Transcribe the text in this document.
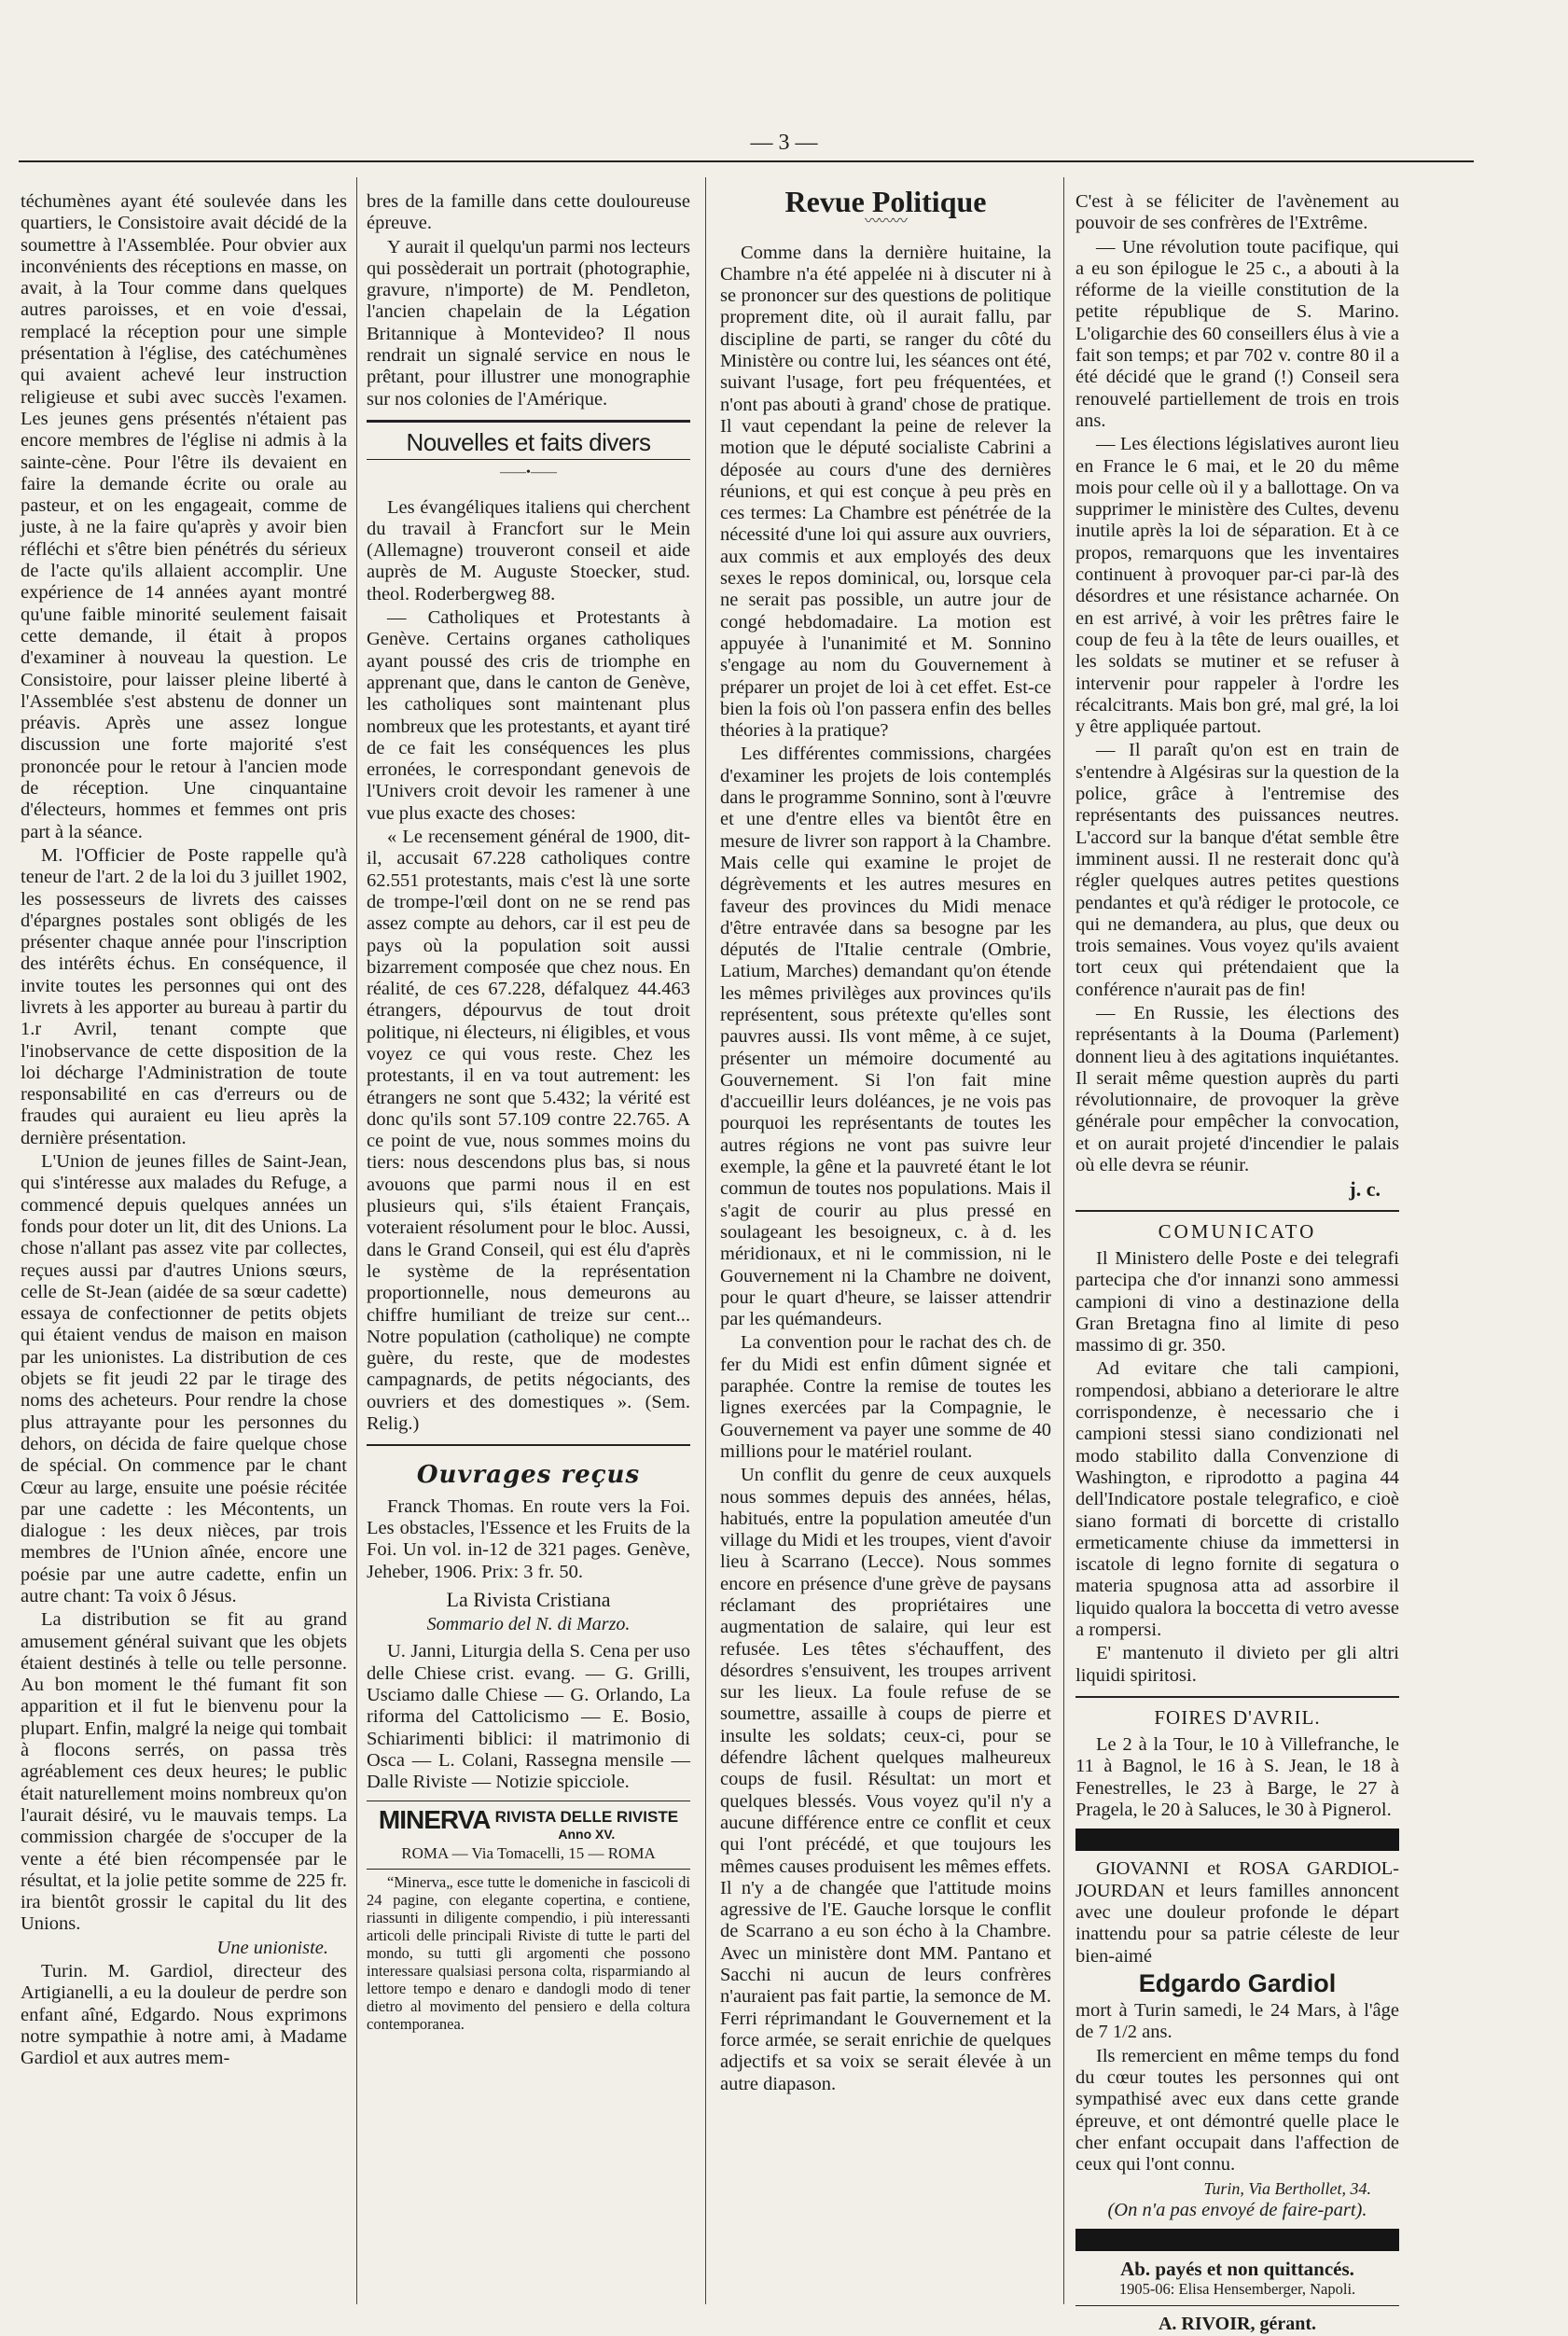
— 3 —

téchumènes ayant été soulevée dans les quartiers, le Consistoire avait décidé de la soumettre à l'Assemblée. Pour obvier aux inconvénients des réceptions en masse, on avait, à la Tour comme dans quelques autres paroisses, et en voie d'essai, remplacé la réception pour une simple présentation à l'église, des catéchumènes qui avaient achevé leur instruction religieuse et subi avec succès l'examen. Les jeunes gens présentés n'étaient pas encore membres de l'église ni admis à la sainte-cène. Pour l'être ils devaient en faire la demande écrite ou orale au pasteur, et on les engageait, comme de juste, à ne la faire qu'après y avoir bien réfléchi et s'être bien pénétrés du sérieux de l'acte qu'ils allaient accomplir. Une expérience de 14 années ayant montré qu'une faible minorité seulement faisait cette demande, il était à propos d'examiner à nouveau la question. Le Consistoire, pour laisser pleine liberté à l'Assemblée s'est abstenu de donner un préavis. Après une assez longue discussion une forte majorité s'est prononcée pour le retour à l'ancien mode de réception. Une cinquantaine d'électeurs, hommes et femmes ont pris part à la séance.

M. l'Officier de Poste rappelle qu'à teneur de l'art. 2 de la loi du 3 juillet 1902, les possesseurs de livrets des caisses d'épargnes postales sont obligés de les présenter chaque année pour l'inscription des intérêts échus. En conséquence, il invite toutes les personnes qui ont des livrets à les apporter au bureau à partir du 1.r Avril, tenant compte que l'inobservance de cette disposition de la loi décharge l'Administration de toute responsabilité en cas d'erreurs ou de fraudes qui auraient eu lieu après la dernière présentation.

L'Union de jeunes filles de Saint-Jean, qui s'intéresse aux malades du Refuge, a commencé depuis quelques années un fonds pour doter un lit, dit des Unions. La chose n'allant pas assez vite par collectes, reçues aussi par d'autres Unions sœurs, celle de St-Jean (aidée de sa sœur cadette) essaya de confectionner de petits objets qui étaient vendus de maison en maison par les unionistes. La distribution de ces objets se fit jeudi 22 par le tirage des noms des acheteurs. Pour rendre la chose plus attrayante pour les personnes du dehors, on décida de faire quelque chose de spécial. On commence par le chant Cœur au large, ensuite une poésie récitée par une cadette : les Mécontents, un dialogue : les deux nièces, par trois membres de l'Union aînée, encore une poésie par une autre cadette, enfin un autre chant: Ta voix ô Jésus.

La distribution se fit au grand amusement général suivant que les objets étaient destinés à telle ou telle personne. Au bon moment le thé fumant fit son apparition et il fut le bienvenu pour la plupart. Enfin, malgré la neige qui tombait à flocons serrés, on passa très agréablement ces deux heures; le public était naturellement moins nombreux qu'on l'aurait désiré, vu le mauvais temps. La commission chargée de s'occuper de la vente a été bien récompensée par le résultat, et la jolie petite somme de 225 fr. ira bientôt grossir le capital du lit des Unions.

Une unioniste.

Turin. M. Gardiol, directeur des Artigianelli, a eu la douleur de perdre son enfant aîné, Edgardo. Nous exprimons notre sympathie à notre ami, à Madame Gardiol et aux autres mem-

bres de la famille dans cette douloureuse épreuve.

Y aurait il quelqu'un parmi nos lecteurs qui possèderait un portrait (photographie, gravure, n'importe) de M. Pendleton, l'ancien chapelain de la Légation Britannique à Montevideo? Il nous rendrait un signalé service en nous le prêtant, pour illustrer une monographie sur nos colonies de l'Amérique.

Nouvelles et faits divers
——•——

Les évangéliques italiens qui cherchent du travail à Francfort sur le Mein (Allemagne) trouveront conseil et aide auprès de M. Auguste Stoecker, stud. theol. Roderbergweg 88.

— Catholiques et Protestants à Genève. Certains organes catholiques ayant poussé des cris de triomphe en apprenant que, dans le canton de Genève, les catholiques sont maintenant plus nombreux que les protestants, et ayant tiré de ce fait les conséquences les plus erronées, le correspondant genevois de l'Univers croit devoir les ramener à une vue plus exacte des choses:

« Le recensement général de 1900, dit-il, accusait 67.228 catholiques contre 62.551 protestants, mais c'est là une sorte de trompe-l'œil dont on ne se rend pas assez compte au dehors, car il est peu de pays où la population soit aussi bizarrement composée que chez nous. En réalité, de ces 67.228, défalquez 44.463 étrangers, dépourvus de tout droit politique, ni électeurs, ni éligibles, et vous voyez ce qui vous reste. Chez les protestants, il en va tout autrement: les étrangers ne sont que 5.432; la vérité est donc qu'ils sont 57.109 contre 22.765. A ce point de vue, nous sommes moins du tiers: nous descendons plus bas, si nous avouons que parmi nous il en est plusieurs qui, s'ils étaient Français, voteraient résolument pour le bloc. Aussi, dans le Grand Conseil, qui est élu d'après le système de la représentation proportionnelle, nous demeurons au chiffre humiliant de treize sur cent... Notre population (catholique) ne compte guère, du reste, que de modestes campagnards, de petits négociants, des ouvriers et des domestiques ». (Sem. Relig.)

Ouvrages reçus

Franck Thomas. En route vers la Foi. Les obstacles, l'Essence et les Fruits de la Foi. Un vol. in-12 de 321 pages. Genève, Jeheber, 1906. Prix: 3 fr. 50.

La Rivista Cristiana
Sommario del N. di Marzo.

U. Janni, Liturgia della S. Cena per uso delle Chiese crist. evang. — G. Grilli, Usciamo dalle Chiese — G. Orlando, La riforma del Cattolicismo — E. Bosio, Schiarimenti biblici: il matrimonio di Osca — L. Colani, Rassegna mensile — Dalle Riviste — Notizie spicciole.

MINERVA RIVISTA DELLE RIVISTE
Anno XV.
ROMA — Via Tomacelli, 15 — ROMA

“Minerva„ esce tutte le domeniche in fascicoli di 24 pagine, con elegante copertina, e contiene, riassunti in diligente compendio, i più interessanti articoli delle principali Riviste di tutte le parti del mondo, su tutti gli argomenti che possono interessare qualsiasi persona colta, risparmiando al lettore tempo e denaro e dandogli modo di tener dietro al movimento del pensiero e della coltura contemporanea.

Revue Politique
〰〰〰

Comme dans la dernière huitaine, la Chambre n'a été appelée ni à discuter ni à se prononcer sur des questions de politique proprement dite, où il aurait fallu, par discipline de parti, se ranger du côté du Ministère ou contre lui, les séances ont été, suivant l'usage, fort peu fréquentées, et n'ont pas abouti à grand' chose de pratique. Il vaut cependant la peine de relever la motion que le député socialiste Cabrini a déposée au cours d'une des dernières réunions, et qui est conçue à peu près en ces termes: La Chambre est pénétrée de la nécessité d'une loi qui assure aux ouvriers, aux commis et aux employés des deux sexes le repos dominical, ou, lorsque cela ne serait pas possible, un autre jour de congé hebdomadaire. La motion est appuyée à l'unanimité et M. Sonnino s'engage au nom du Gouvernement à préparer un projet de loi à cet effet. Est-ce bien la fois où l'on passera enfin des belles théories à la pratique?

Les différentes commissions, chargées d'examiner les projets de lois contemplés dans le programme Sonnino, sont à l'œuvre et une d'entre elles va bientôt être en mesure de livrer son rapport à la Chambre. Mais celle qui examine le projet de dégrèvements et les autres mesures en faveur des provinces du Midi menace d'être entravée dans sa besogne par les députés de l'Italie centrale (Ombrie, Latium, Marches) demandant qu'on étende les mêmes privilèges aux provinces qu'ils représentent, sous prétexte qu'elles sont pauvres aussi. Ils vont même, à ce sujet, présenter un mémoire documenté au Gouvernement. Si l'on fait mine d'accueillir leurs doléances, je ne vois pas pourquoi les représentants de toutes les autres régions ne vont pas suivre leur exemple, la gêne et la pauvreté étant le lot commun de toutes nos populations. Mais il s'agit de courir au plus pressé en soulageant les besoigneux, c. à d. les méridionaux, et ni le commission, ni le Gouvernement ni la Chambre ne doivent, pour le quart d'heure, se laisser attendrir par les quémandeurs.

La convention pour le rachat des ch. de fer du Midi est enfin dûment signée et paraphée. Contre la remise de toutes les lignes exercées par la Compagnie, le Gouvernement va payer une somme de 40 millions pour le matériel roulant.

Un conflit du genre de ceux auxquels nous sommes depuis des années, hélas, habitués, entre la population ameutée d'un village du Midi et les troupes, vient d'avoir lieu à Scarrano (Lecce). Nous sommes encore en présence d'une grève de paysans réclamant des propriétaires une augmentation de salaire, qui leur est refusée. Les têtes s'échauffent, des désordres s'ensuivent, les troupes arrivent sur les lieux. La foule refuse de se soumettre, assaille à coups de pierre et insulte les soldats; ceux-ci, pour se défendre lâchent quelques malheureux coups de fusil. Résultat: un mort et quelques blessés. Vous voyez qu'il n'y a aucune différence entre ce conflit et ceux qui l'ont précédé, et que toujours les mêmes causes produisent les mêmes effets. Il n'y a de changée que l'attitude moins agressive de l'E. Gauche lorsque le conflit de Scarrano a eu son écho à la Chambre. Avec un ministère dont MM. Pantano et Sacchi ni aucun de leurs confrères n'auraient pas fait partie, la semonce de M. Ferri réprimandant le Gouvernement et la force armée, se serait enrichie de quelques adjectifs et sa voix se serait élevée à un autre diapason.

C'est à se féliciter de l'avènement au pouvoir de ses confrères de l'Extrême.

— Une révolution toute pacifique, qui a eu son épilogue le 25 c., a abouti à la réforme de la vieille constitution de la petite république de S. Marino. L'oligarchie des 60 conseillers élus à vie a fait son temps; et par 702 v. contre 80 il a été décidé que le grand (!) Conseil sera renouvelé partiellement de trois en trois ans.

— Les élections législatives auront lieu en France le 6 mai, et le 20 du même mois pour celle où il y a ballottage. On va supprimer le ministère des Cultes, devenu inutile après la loi de séparation. Et à ce propos, remarquons que les inventaires continuent à provoquer par-ci par-là des désordres et une résistance acharnée. On en est arrivé, à voir les prêtres faire le coup de feu à la tête de leurs ouailles, et les soldats se mutiner et se refuser à intervenir pour rappeler à l'ordre les récalcitrants. Mais bon gré, mal gré, la loi y être appliquée partout.

— Il paraît qu'on est en train de s'entendre à Algésiras sur la question de la police, grâce à l'entremise des représentants des puissances neutres. L'accord sur la banque d'état semble être imminent aussi. Il ne resterait donc qu'à régler quelques autres petites questions pendantes et qu'à rédiger le protocole, ce qui ne demandera, au plus, que deux ou trois semaines. Vous voyez qu'ils avaient tort ceux qui prétendaient que la conférence n'aurait pas de fin!

— En Russie, les élections des représentants à la Douma (Parlement) donnent lieu à des agitations inquiétantes. Il serait même question auprès du parti révolutionnaire, de provoquer la grève générale pour empêcher la convocation, et on aurait projeté d'incendier le palais où elle devra se réunir.

j. c.
COMUNICATO

Il Ministero delle Poste e dei telegrafi partecipa che d'or innanzi sono ammessi campioni di vino a destinazione della Gran Bretagna fino al limite di peso massimo di gr. 350.

Ad evitare che tali campioni, rompendosi, abbiano a deteriorare le altre corrispondenze, è necessario che i campioni stessi siano condizionati nel modo stabilito dalla Convenzione di Washington, e riprodotto a pagina 44 dell'Indicatore postale telegrafico, e cioè siano formati di borcette di cristallo ermeticamente chiuse da immettersi in iscatole di legno fornite di segatura o materia spugnosa atta ad assorbire il liquido qualora la boccetta di vetro avesse a rompersi.

E' mantenuto il divieto per gli altri liquidi spiritosi.

FOIRES D'AVRIL.

Le 2 à la Tour, le 10 à Villefranche, le 11 à Bagnol, le 16 à S. Jean, le 18 à Fenestrelles, le 23 à Barge, le 27 à Pragela, le 20 à Saluces, le 30 à Pignerol.

GIOVANNI et ROSA GARDIOL-JOURDAN et leurs familles annoncent avec une douleur profonde le départ inattendu pour sa patrie céleste de leur bien-aimé

Edgardo Gardiol

mort à Turin samedi, le 24 Mars, à l'âge de 7 1/2 ans.

Ils remercient en même temps du fond du cœur toutes les personnes qui ont sympathisé avec eux dans cette grande épreuve, et ont démontré quelle place le cher enfant occupait dans l'affection de ceux qui l'ont connu.

Turin, Via Berthollet, 34.
(On n'a pas envoyé de faire-part).
Ab. payés et non quittancés.
1905-06: Elisa Hensemberger, Napoli.
A. RIVOIR, gérant.
